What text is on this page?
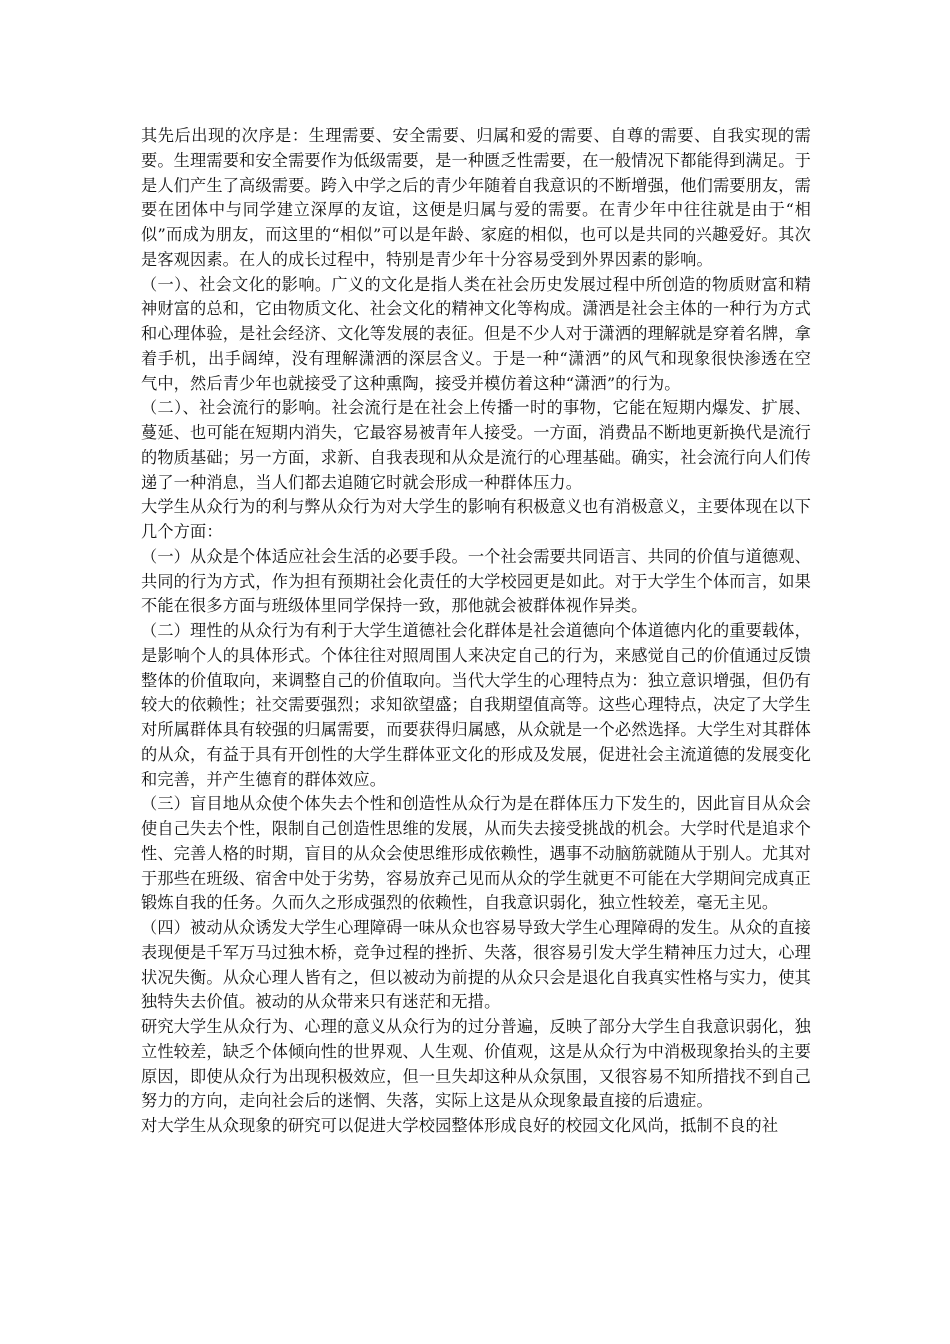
其先后出现的次序是：生理需要、安全需要、归属和爱的需要、自尊的需要、自我实现的需要。生理需要和安全需要作为低级需要，是一种匮乏性需要，在一般情况下都能得到满足。于是人们产生了高级需要。跨入中学之后的青少年随着自我意识的不断增强，他们需要朋友，需要在团体中与同学建立深厚的友谊，这便是归属与爱的需要。在青少年中往往就是由于“相似”而成为朋友，而这里的“相似”可以是年龄、家庭的相似，也可以是共同的兴趣爱好。其次是客观因素。在人的成长过程中，特别是青少年十分容易受到外界因素的影响。

（一）、社会文化的影响。广义的文化是指人类在社会历史发展过程中所创造的物质财富和精神财富的总和，它由物质文化、社会文化的精神文化等构成。潇洒是社会主体的一种行为方式和心理体验，是社会经济、文化等发展的表征。但是不少人对于潇洒的理解就是穿着名牌，拿着手机，出手阔绰，没有理解潇洒的深层含义。于是一种“潇洒”的风气和现象很快渗透在空气中，然后青少年也就接受了这种熏陶，接受并模仿着这种“潇洒”的行为。

（二）、社会流行的影响。社会流行是在社会上传播一时的事物，它能在短期内爆发、扩展、蔓延、也可能在短期内消失，它最容易被青年人接受。一方面，消费品不断地更新换代是流行的物质基础；另一方面，求新、自我表现和从众是流行的心理基础。确实，社会流行向人们传递了一种消息，当人们都去追随它时就会形成一种群体压力。

大学生从众行为的利与弊从众行为对大学生的影响有积极意义也有消极意义，主要体现在以下几个方面：

（一）从众是个体适应社会生活的必要手段。一个社会需要共同语言、共同的价值与道德观、共同的行为方式，作为担有预期社会化责任的大学校园更是如此。对于大学生个体而言，如果不能在很多方面与班级体里同学保持一致，那他就会被群体视作异类。

（二）理性的从众行为有利于大学生道德社会化群体是社会道德向个体道德内化的重要载体，是影响个人的具体形式。个体往往对照周围人来决定自己的行为，来感觉自己的价值通过反馈整体的价值取向，来调整自己的价值取向。当代大学生的心理特点为：独立意识增强，但仍有较大的依赖性；社交需要强烈；求知欲望盛；自我期望值高等。这些心理特点，决定了大学生对所属群体具有较强的归属需要，而要获得归属感，从众就是一个必然选择。大学生对其群体的从众，有益于具有开创性的大学生群体亚文化的形成及发展，促进社会主流道德的发展变化和完善，并产生德育的群体效应。

（三）盲目地从众使个体失去个性和创造性从众行为是在群体压力下发生的，因此盲目从众会使自己失去个性，限制自己创造性思维的发展，从而失去接受挑战的机会。大学时代是追求个性、完善人格的时期，盲目的从众会使思维形成依赖性，遇事不动脑筋就随从于别人。尤其对于那些在班级、宿舍中处于劣势，容易放弃己见而从众的学生就更不可能在大学期间完成真正锻炼自我的任务。久而久之形成强烈的依赖性，自我意识弱化，独立性较差，毫无主见。

（四）被动从众诱发大学生心理障碍一味从众也容易导致大学生心理障碍的发生。从众的直接表现便是千军万马过独木桥，竞争过程的挫折、失落，很容易引发大学生精神压力过大，心理状况失衡。从众心理人皆有之，但以被动为前提的从众只会是退化自我真实性格与实力，使其独特失去价值。被动的从众带来只有迷茫和无措。

研究大学生从众行为、心理的意义从众行为的过分普遍，反映了部分大学生自我意识弱化，独立性较差，缺乏个体倾向性的世界观、人生观、价值观，这是从众行为中消极现象抬头的主要原因，即使从众行为出现积极效应，但一旦失却这种从众氛围，又很容易不知所措找不到自己努力的方向，走向社会后的迷惘、失落，实际上这是从众现象最直接的后遗症。

对大学生从众现象的研究可以促进大学校园整体形成良好的校园文化风尚，抵制不良的社
